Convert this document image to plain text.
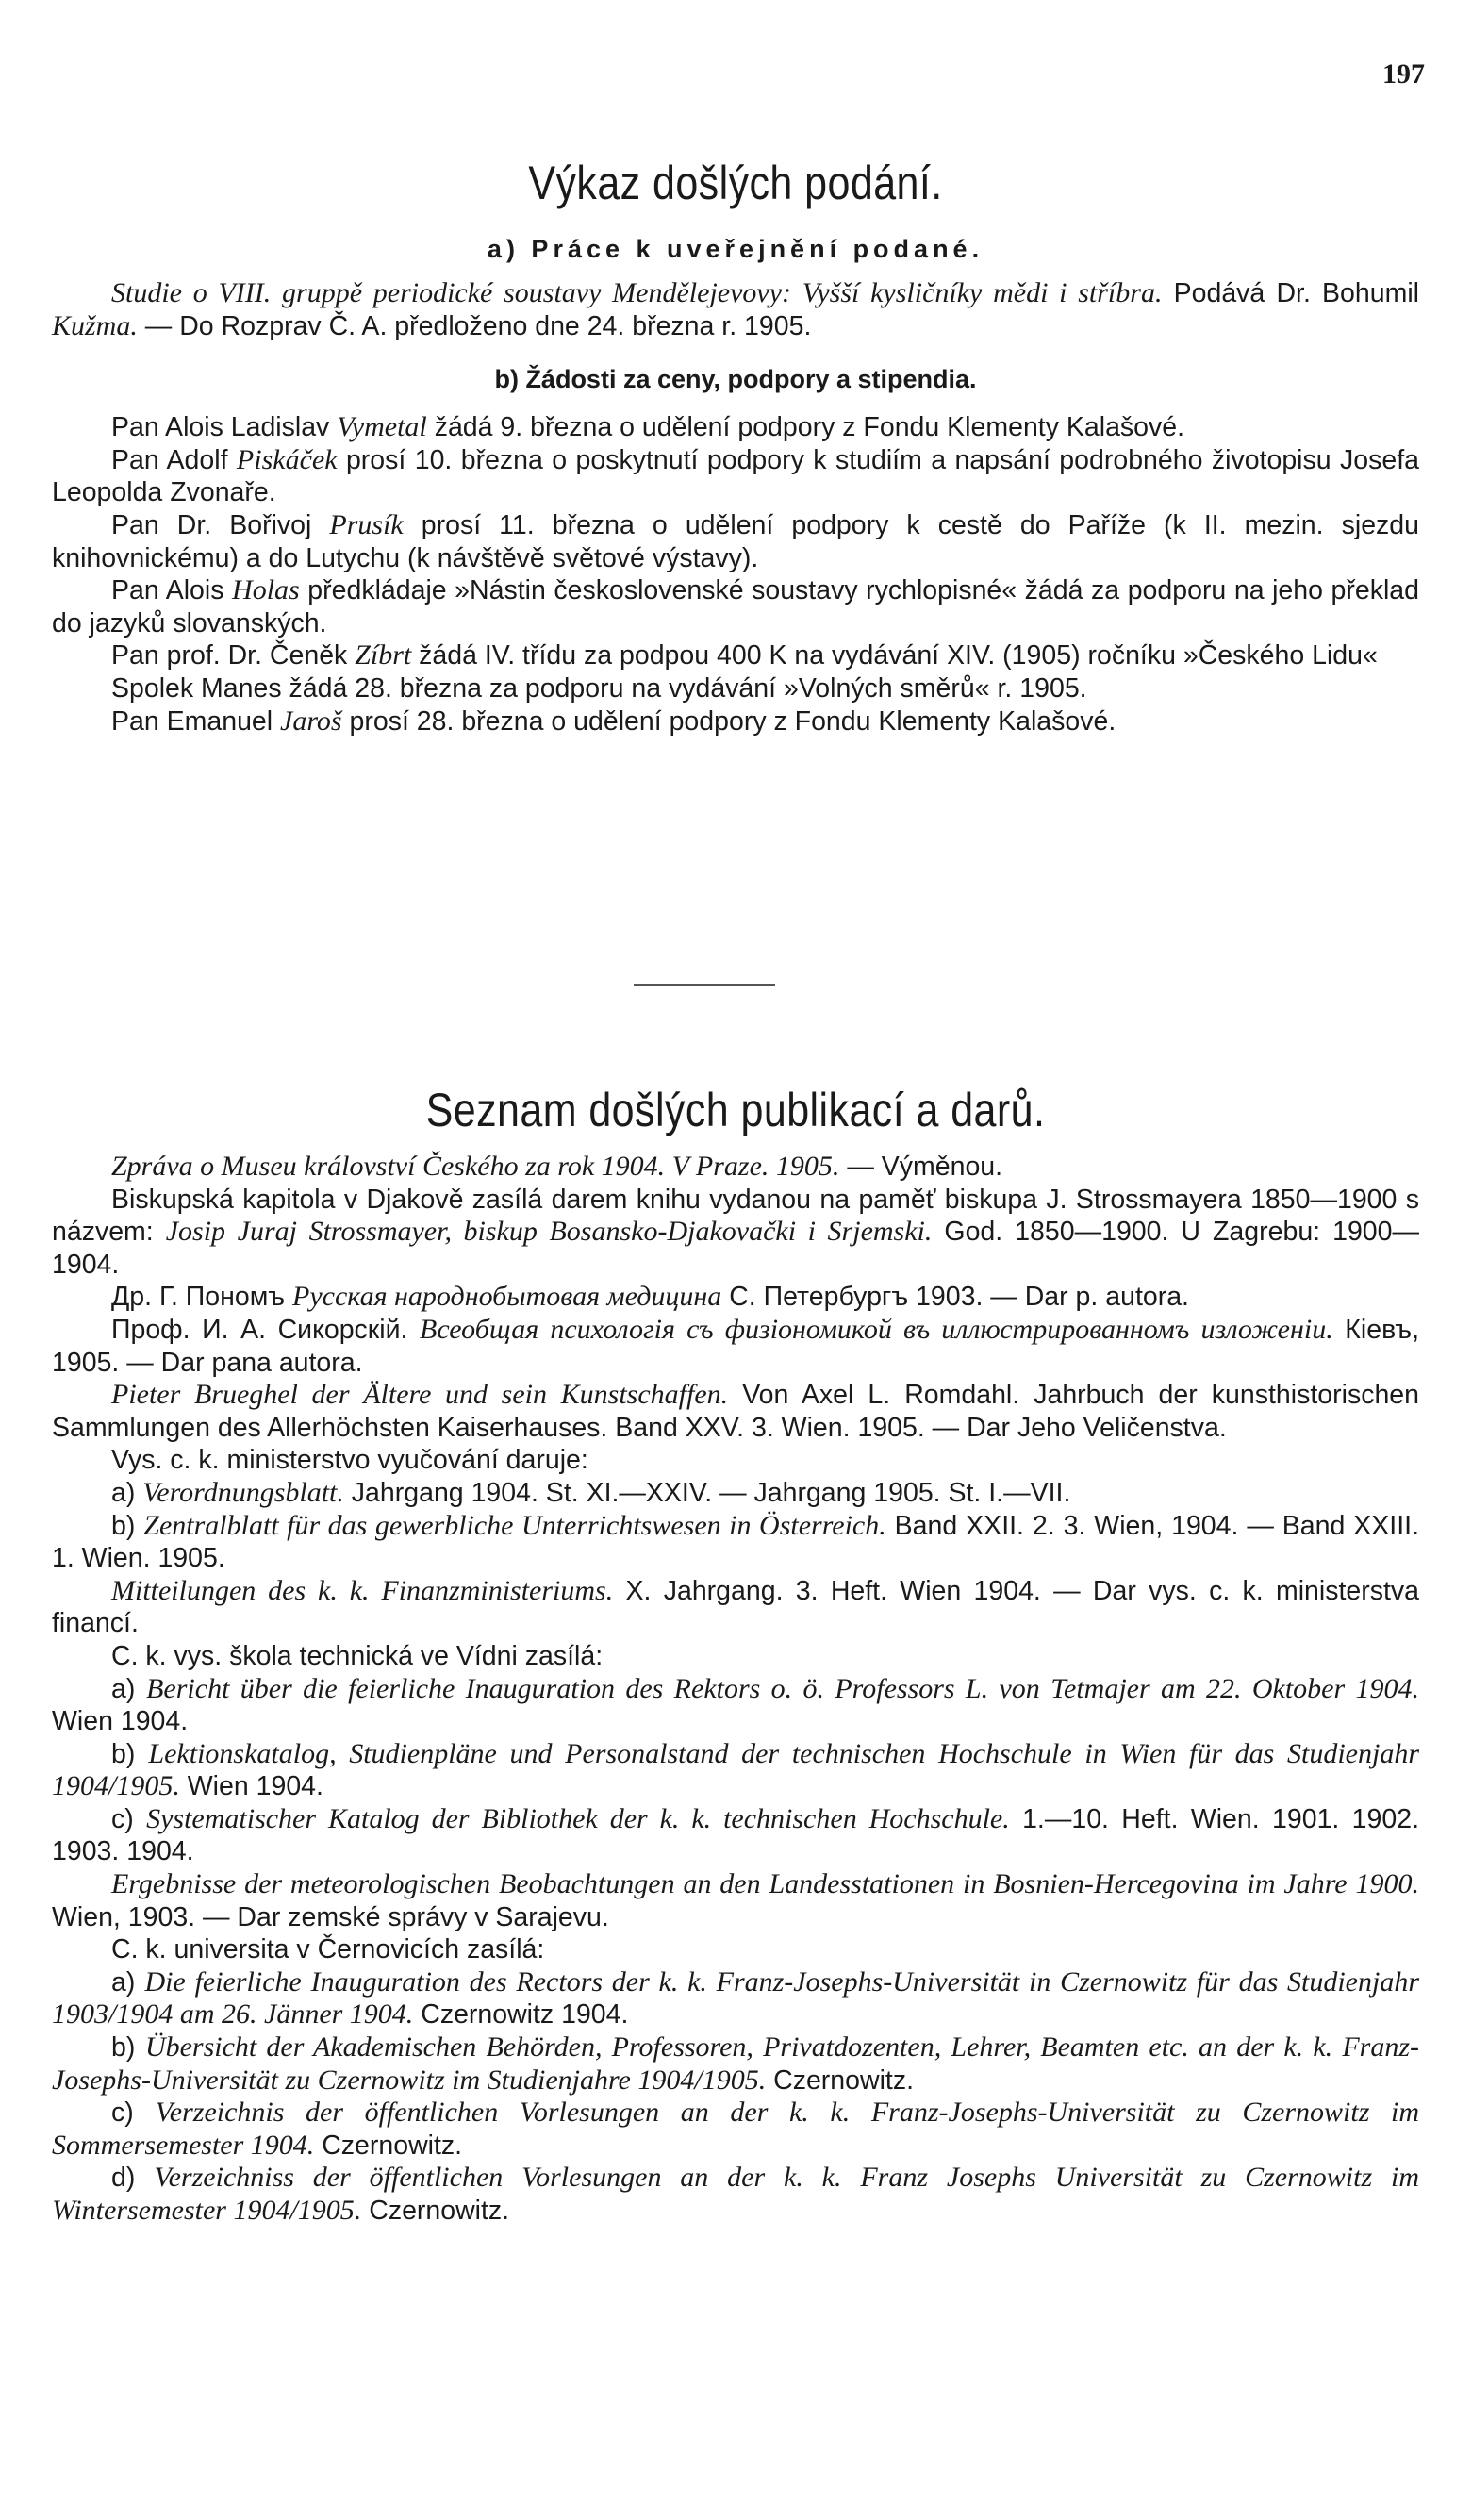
197
Výkaz došlých podání.
a) Práce k uveřejnění podané.

Studie o VIII. gruppě periodické soustavy Mendělejevovy: Vyšší kysličníky mědi i stříbra. Podává Dr. Bohumil Kužma. — Do Rozprav Č. A. předloženo dne 24. března r. 1905.

b) Žádosti za ceny, podpory a stipendia.

Pan Alois Ladislav Vymetal žádá 9. března o udělení podpory z Fondu Klementy Kalašové.

Pan Adolf Piskáček prosí 10. března o poskytnutí podpory k studiím a napsání podrobného životopisu Josefa Leopolda Zvonaře.

Pan Dr. Bořivoj Prusík prosí 11. března o udělení podpory k cestě do Paříže (k II. mezin. sjezdu knihovnickému) a do Lutychu (k návštěvě světové výstavy).

Pan Alois Holas předkládaje »Nástin československé soustavy rychlopisné« žádá za podporu na jeho překlad do jazyků slovanských.

Pan prof. Dr. Čeněk Zíbrt žádá IV. třídu za podpou 400 K na vydávání XIV. (1905) ročníku »Českého Lidu«

Spolek Manes žádá 28. března za podporu na vydávání »Volných směrů« r. 1905.

Pan Emanuel Jaroš prosí 28. března o udělení podpory z Fondu Klementy Kalašové.

Seznam došlých publikací a darů.

Zpráva o Museu království Českého za rok 1904. V Praze. 1905. — Výměnou.

Biskupská kapitola v Djakově zasílá darem knihu vydanou na paměť biskupa J. Strossmayera 1850—1900 s názvem: Josip Juraj Strossmayer, biskup Bosansko-Djakovački i Srjemski. God. 1850—1900. U Zagrebu: 1900—1904.

Др. Г. Пономъ Русская народнобытовая медицина С. Петербургъ 1903. — Dar p. autora.

Проф. И. А. Сикорскій. Всеобщая психологія съ физіономикой въ иллюстрированномъ изложеніи. Кіевъ, 1905. — Dar pana autora.

Pieter Brueghel der Ältere und sein Kunstschaffen. Von Axel L. Romdahl. Jahrbuch der kunsthistorischen Sammlungen des Allerhöchsten Kaiserhauses. Band XXV. 3. Wien. 1905. — Dar Jeho Veličenstva.

Vys. c. k. ministerstvo vyučování daruje:

a) Verordnungsblatt. Jahrgang 1904. St. XI.—XXIV. — Jahrgang 1905. St. I.—VII.

b) Zentralblatt für das gewerbliche Unterrichtswesen in Österreich. Band XXII. 2. 3. Wien, 1904. — Band XXIII. 1. Wien. 1905.

Mitteilungen des k. k. Finanzministeriums. X. Jahrgang. 3. Heft. Wien 1904. — Dar vys. c. k. ministerstva financí.

C. k. vys. škola technická ve Vídni zasílá:

a) Bericht über die feierliche Inauguration des Rektors o. ö. Professors L. von Tetmajer am 22. Oktober 1904. Wien 1904.

b) Lektionskatalog, Studienpläne und Personalstand der technischen Hochschule in Wien für das Studienjahr 1904/1905. Wien 1904.

c) Systematischer Katalog der Bibliothek der k. k. technischen Hochschule. 1.—10. Heft. Wien. 1901. 1902. 1903. 1904.

Ergebnisse der meteorologischen Beobachtungen an den Landesstationen in Bosnien-Hercegovina im Jahre 1900. Wien, 1903. — Dar zemské správy v Sarajevu.

C. k. universita v Černovicích zasílá:

a) Die feierliche Inauguration des Rectors der k. k. Franz-Josephs-Universität in Czernowitz für das Studienjahr 1903/1904 am 26. Jänner 1904. Czernowitz 1904.

b) Übersicht der Akademischen Behörden, Professoren, Privatdozenten, Lehrer, Beamten etc. an der k. k. Franz-Josephs-Universität zu Czernowitz im Studienjahre 1904/1905. Czernowitz.

c) Verzeichnis der öffentlichen Vorlesungen an der k. k. Franz-Josephs-Universität zu Czernowitz im Sommersemester 1904. Czernowitz.

d) Verzeichniss der öffentlichen Vorlesungen an der k. k. Franz Josephs Universität zu Czernowitz im Wintersemester 1904/1905. Czernowitz.
